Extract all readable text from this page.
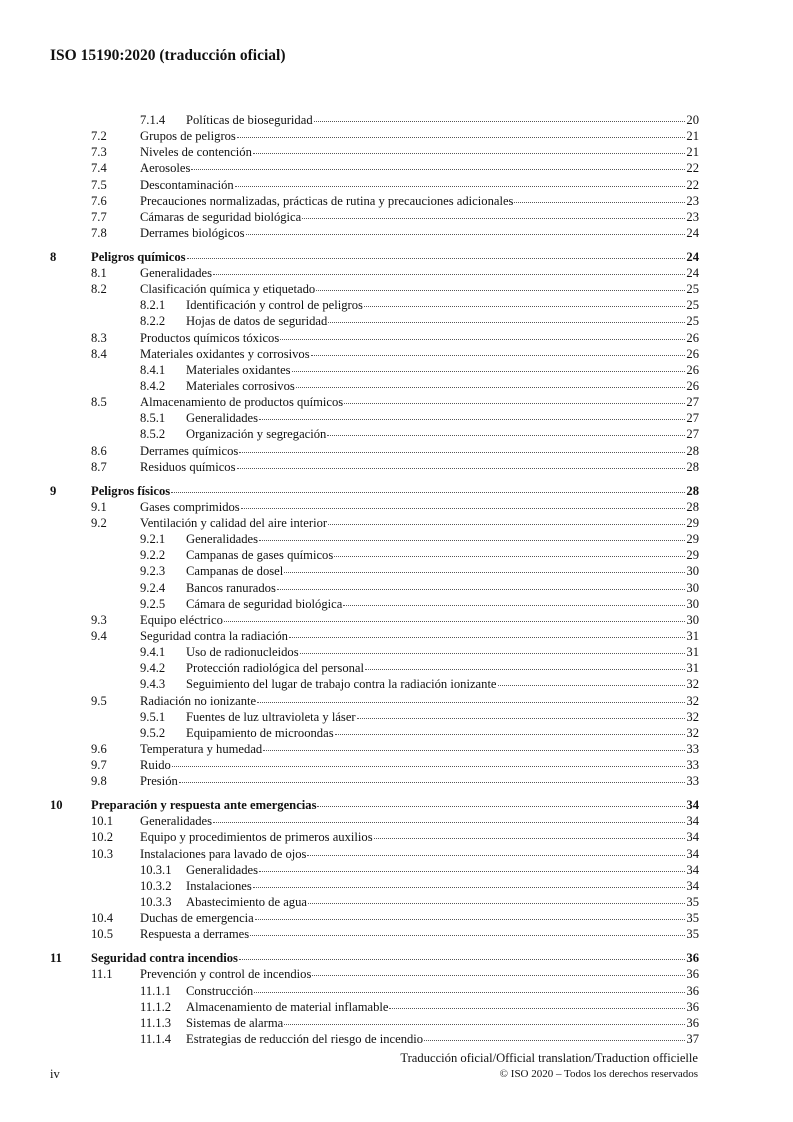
ISO 15190:2020 (traducción oficial)
7.1.4	Políticas de bioseguridad	20
7.2	Grupos de peligros	21
7.3	Niveles de contención	21
7.4	Aerosoles	22
7.5	Descontaminación	22
7.6	Precauciones normalizadas, prácticas de rutina y precauciones adicionales	23
7.7	Cámaras de seguridad biológica	23
7.8	Derrames biológicos	24
8	Peligros químicos	24
8.1	Generalidades	24
8.2	Clasificación química y etiquetado	25
8.2.1	Identificación y control de peligros	25
8.2.2	Hojas de datos de seguridad	25
8.3	Productos químicos tóxicos	26
8.4	Materiales oxidantes y corrosivos	26
8.4.1	Materiales oxidantes	26
8.4.2	Materiales corrosivos	26
8.5	Almacenamiento de productos químicos	27
8.5.1	Generalidades	27
8.5.2	Organización y segregación	27
8.6	Derrames químicos	28
8.7	Residuos químicos	28
9	Peligros físicos	28
9.1	Gases comprimidos	28
9.2	Ventilación y calidad del aire interior	29
9.2.1	Generalidades	29
9.2.2	Campanas de gases químicos	29
9.2.3	Campanas de dosel	30
9.2.4	Bancos ranurados	30
9.2.5	Cámara de seguridad biológica	30
9.3	Equipo eléctrico	30
9.4	Seguridad contra la radiación	31
9.4.1	Uso de radionucleidos	31
9.4.2	Protección radiológica del personal	31
9.4.3	Seguimiento del lugar de trabajo contra la radiación ionizante	32
9.5	Radiación no ionizante	32
9.5.1	Fuentes de luz ultravioleta y láser	32
9.5.2	Equipamiento de microondas	32
9.6	Temperatura y humedad	33
9.7	Ruido	33
9.8	Presión	33
10	Preparación y respuesta ante emergencias	34
10.1	Generalidades	34
10.2	Equipo y procedimientos de primeros auxilios	34
10.3	Instalaciones para lavado de ojos	34
10.3.1	Generalidades	34
10.3.2	Instalaciones	34
10.3.3	Abastecimiento de agua	35
10.4	Duchas de emergencia	35
10.5	Respuesta a derrames	35
11	Seguridad contra incendios	36
11.1	Prevención y control de incendios	36
11.1.1	Construcción	36
11.1.2	Almacenamiento de material inflamable	36
11.1.3	Sistemas de alarma	36
11.1.4	Estrategias de reducción del riesgo de incendio	37
Traducción oficial/Official translation/Traduction officielle
© ISO 2020 – Todos los derechos reservados
iv
